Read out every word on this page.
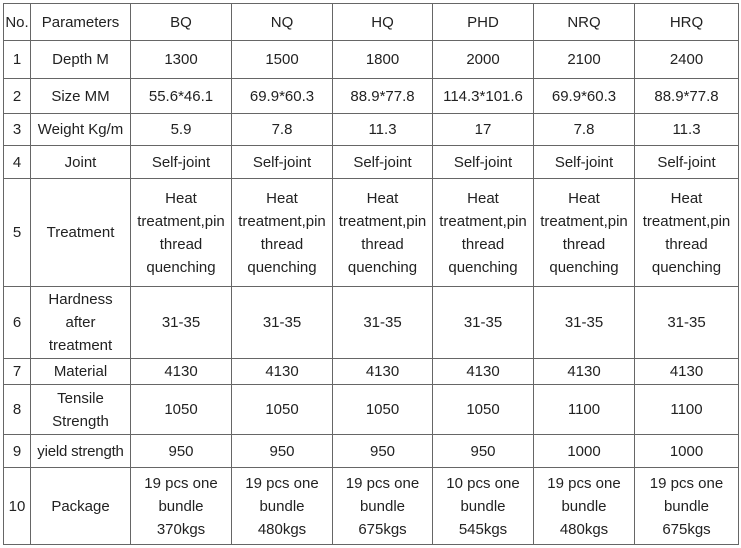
No.	Parameters	BQ	NQ	HQ	PHD	NRQ	HRQ
1	Depth M	1300	1500	1800	2000	2100	2400
2	Size MM	55.6*46.1	69.9*60.3	88.9*77.8	114.3*101.6	69.9*60.3	88.9*77.8
3	Weight Kg/m	5.9	7.8	11.3	17	7.8	11.3
4	Joint	Self-joint	Self-joint	Self-joint	Self-joint	Self-joint	Self-joint
5	Treatment	Heat
treatment,pin
thread
quenching	Heat
treatment,pin
thread
quenching	Heat
treatment,pin
thread
quenching	Heat
treatment,pin
thread
quenching	Heat
treatment,pin
thread
quenching	Heat
treatment,pin
thread
quenching
6	Hardness after treatment	31-35	31-35	31-35	31-35	31-35	31-35
7	Material	4130	4130	4130	4130	4130	4130
8	Tensile Strength	1050	1050	1050	1050	1100	1100
9	yield strength	950	950	950	950	1000	1000
10	Package	19 pcs one
bundle
370kgs	19 pcs one
bundle
480kgs	19 pcs one
bundle
675kgs	10 pcs one
bundle
545kgs	19 pcs one
bundle
480kgs	19 pcs one
bundle
675kgs
